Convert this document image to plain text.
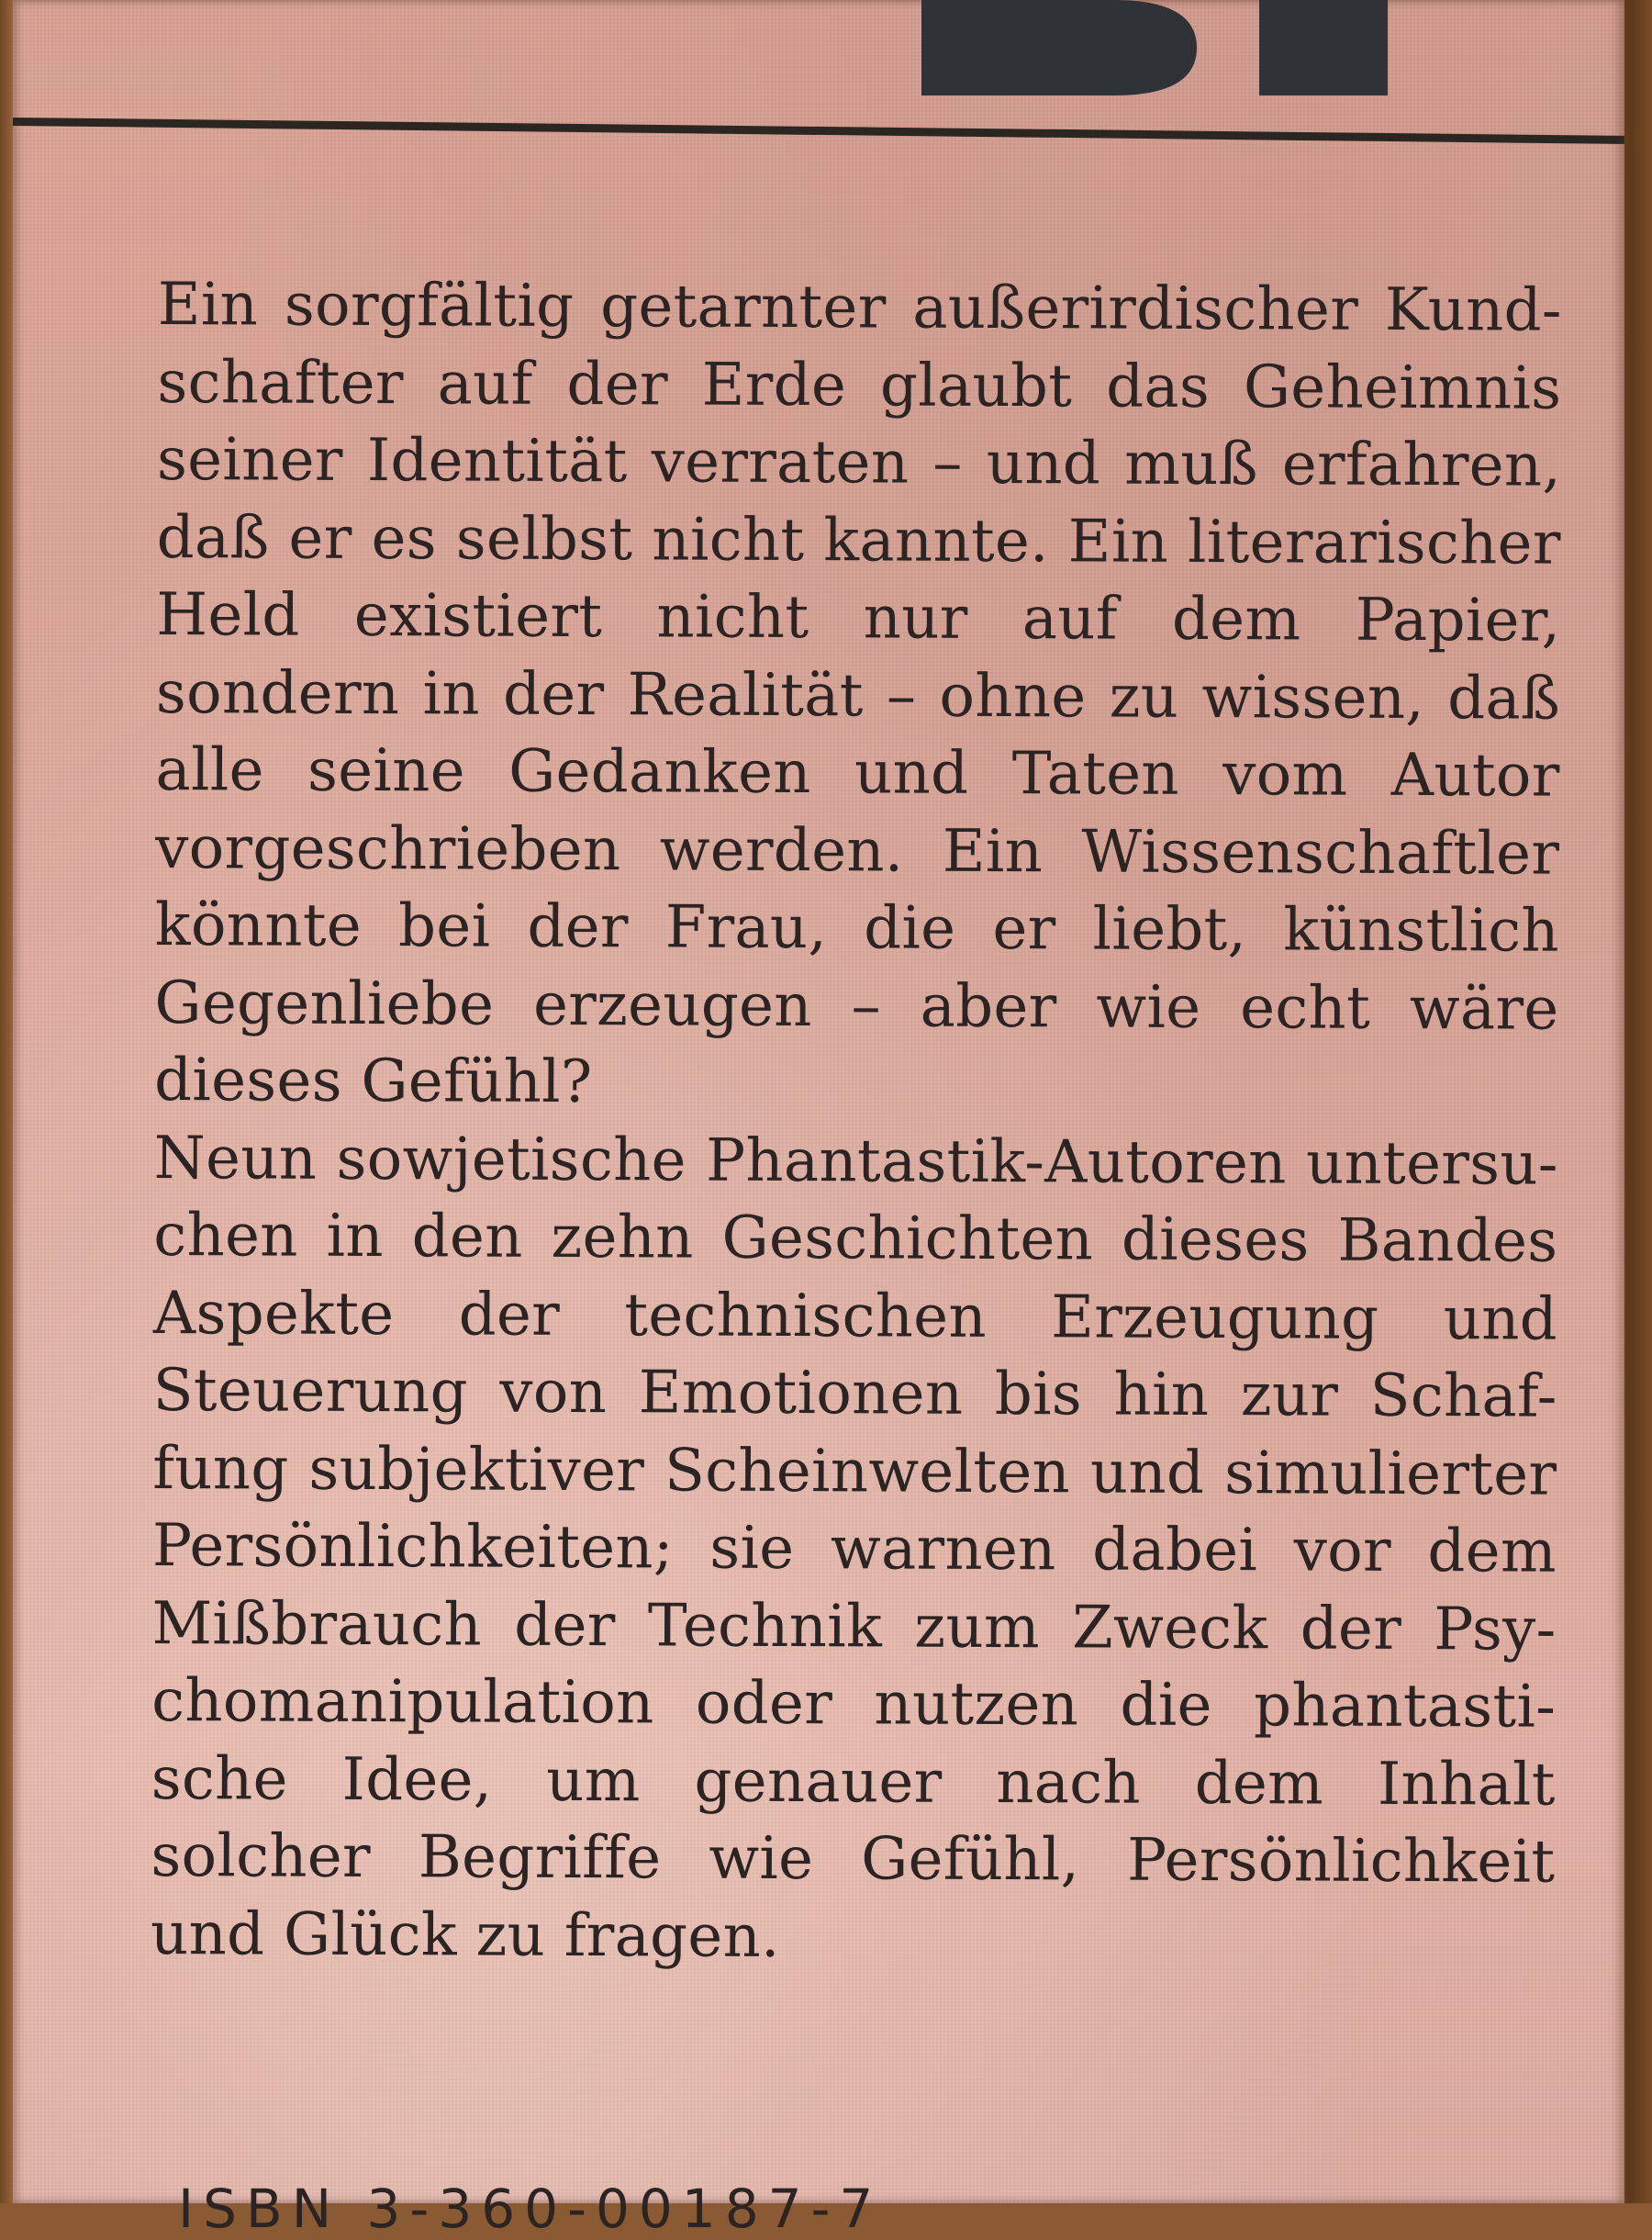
Ein sorgfältig getarnter außerirdischer Kund-
schafter auf der Erde glaubt das Geheimnis
seiner Identität verraten – und muß erfahren,
daß er es selbst nicht kannte. Ein literarischer
Held existiert nicht nur auf dem Papier,
sondern in der Realität – ohne zu wissen, daß
alle seine Gedanken und Taten vom Autor
vorgeschrieben werden. Ein Wissenschaftler
könnte bei der Frau, die er liebt, künstlich
Gegenliebe erzeugen – aber wie echt wäre
dieses Gefühl?
Neun sowjetische Phantastik-Autoren untersu-
chen in den zehn Geschichten dieses Bandes
Aspekte der technischen Erzeugung und
Steuerung von Emotionen bis hin zur Schaf-
fung subjektiver Scheinwelten und simulierter
Persönlichkeiten; sie warnen dabei vor dem
Mißbrauch der Technik zum Zweck der Psy-
chomanipulation oder nutzen die phantasti-
sche Idee, um genauer nach dem Inhalt
solcher Begriffe wie Gefühl, Persönlichkeit
und Glück zu fragen.
ISBN 3-360-00187-7
